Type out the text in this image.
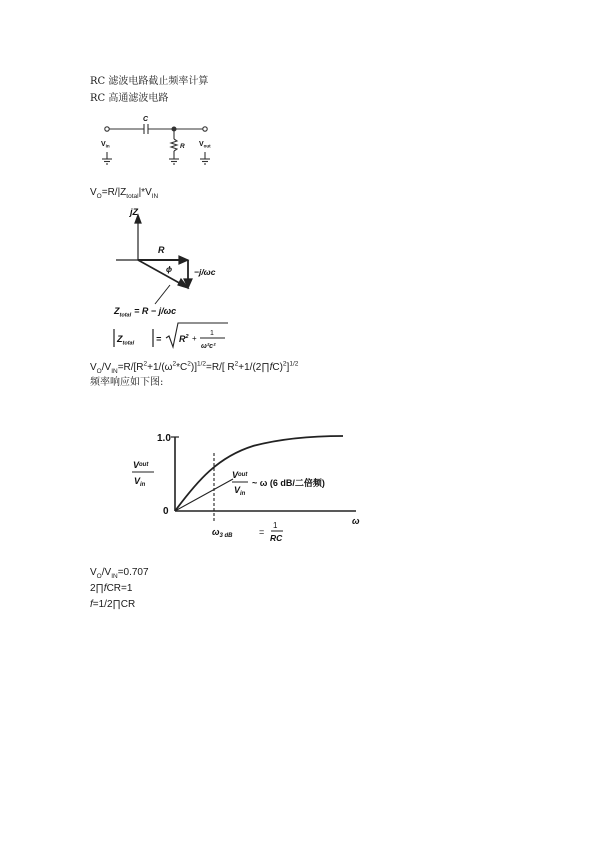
RC 滤波电路截止频率计算
RC 高通滤波电路
C
R
$V_{in}$	$V_{out}$
$V_O=R/|Z_{total}|*V_{IN}$
jZ
R
ϕ	−j/ωc
$Z_{total} = R - j/\omega c$
$Z_{total} = R^2$ +
1
ω²c²
$V_O/V_{IN}=R/[R^2+1/(\omega^2*C^2)]^{1/2}=R/$[ $R^2+1/(2\prod fC)^2]^{1/2}$
频率响应如下图:
1.0
0
$V^{out}$
$V_{in}$
ω
$V^{out}$
$V_{in}$
~ ω (6 dB/二倍频)
$\omega_{3 dB}$	=
1
RC
$V_O/V_{IN}=0.707$
2∏fCR=1
f=1/2∏CR
